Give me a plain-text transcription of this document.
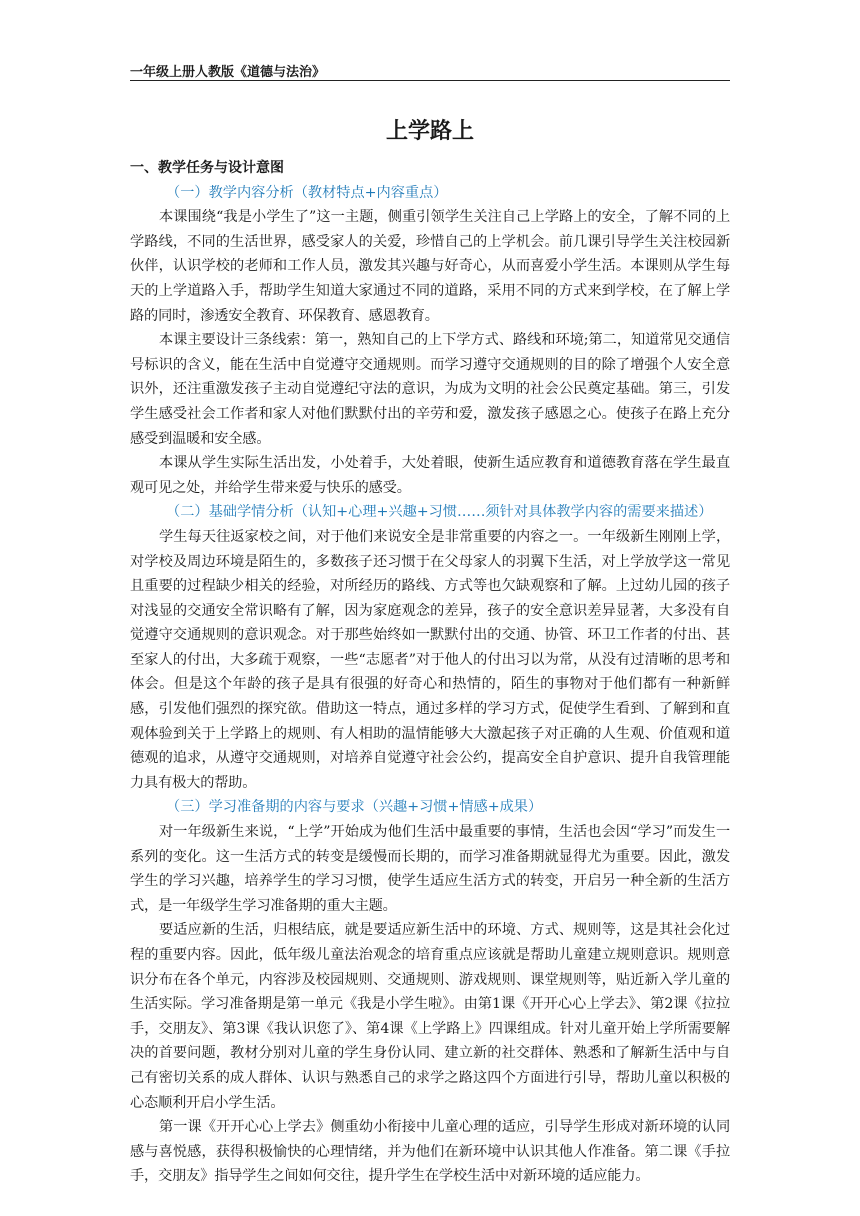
一年级上册人教版《道德与法治》
上学路上

一、教学任务与设计意图

（一）教学内容分析（教材特点+内容重点）

本课围绕“我是小学生了”这一主题，侧重引领学生关注自己上学路上的安全，了解不同的上学路线，不同的生活世界，感受家人的关爱，珍惜自己的上学机会。前几课引导学生关注校园新伙伴，认识学校的老师和工作人员，激发其兴趣与好奇心，从而喜爱小学生活。本课则从学生每天的上学道路入手，帮助学生知道大家通过不同的道路，采用不同的方式来到学校，在了解上学路的同时，渗透安全教育、环保教育、感恩教育。

本课主要设计三条线索：第一，熟知自己的上下学方式、路线和环境;第二，知道常见交通信号标识的含义，能在生活中自觉遵守交通规则。而学习遵守交通规则的目的除了增强个人安全意识外，还注重激发孩子主动自觉遵纪守法的意识，为成为文明的社会公民奠定基础。第三，引发学生感受社会工作者和家人对他们默默付出的辛劳和爱，激发孩子感恩之心。使孩子在路上充分感受到温暖和安全感。

本课从学生实际生活出发，小处着手，大处着眼，使新生适应教育和道德教育落在学生最直观可见之处，并给学生带来爱与快乐的感受。

（二）基础学情分析（认知+心理+兴趣+习惯……须针对具体教学内容的需要来描述）

学生每天往返家校之间，对于他们来说安全是非常重要的内容之一。一年级新生刚刚上学，对学校及周边环境是陌生的，多数孩子还习惯于在父母家人的羽翼下生活，对上学放学这一常见且重要的过程缺少相关的经验，对所经历的路线、方式等也欠缺观察和了解。上过幼儿园的孩子对浅显的交通安全常识略有了解，因为家庭观念的差异，孩子的安全意识差异显著，大多没有自觉遵守交通规则的意识观念。对于那些始终如一默默付出的交通、协管、环卫工作者的付出、甚至家人的付出，大多疏于观察，一些“志愿者”对于他人的付出习以为常，从没有过清晰的思考和体会。但是这个年龄的孩子是具有很强的好奇心和热情的，陌生的事物对于他们都有一种新鲜感，引发他们强烈的探究欲。借助这一特点，通过多样的学习方式，促使学生看到、了解到和直观体验到关于上学路上的规则、有人相助的温情能够大大激起孩子对正确的人生观、价值观和道德观的追求，从遵守交通规则，对培养自觉遵守社会公约，提高安全自护意识、提升自我管理能力具有极大的帮助。

（三）学习准备期的内容与要求（兴趣+习惯+情感+成果）

对一年级新生来说，“上学”开始成为他们生活中最重要的事情，生活也会因“学习”而发生一系列的变化。这一生活方式的转变是缓慢而长期的，而学习准备期就显得尤为重要。因此，激发学生的学习兴趣，培养学生的学习习惯，使学生适应生活方式的转变，开启另一种全新的生活方式，是一年级学生学习准备期的重大主题。

要适应新的生活，归根结底，就是要适应新生活中的环境、方式、规则等，这是其社会化过程的重要内容。因此，低年级儿童法治观念的培育重点应该就是帮助儿童建立规则意识。规则意识分布在各个单元，内容涉及校园规则、交通规则、游戏规则、课堂规则等，贴近新入学儿童的生活实际。学习准备期是第一单元《我是小学生啦》。由第1课《开开心心上学去》、第2课《拉拉手，交朋友》、第3课《我认识您了》、第4课《上学路上》四课组成。针对儿童开始上学所需要解决的首要问题，教材分别对儿童的学生身份认同、建立新的社交群体、熟悉和了解新生活中与自己有密切关系的成人群体、认识与熟悉自己的求学之路这四个方面进行引导，帮助儿童以积极的心态顺利开启小学生活。

第一课《开开心心上学去》侧重幼小衔接中儿童心理的适应，引导学生形成对新环境的认同感与喜悦感，获得积极愉快的心理情绪，并为他们在新环境中认识其他人作准备。第二课《手拉手，交朋友》指导学生之间如何交往，提升学生在学校生活中对新环境的适应能力。
